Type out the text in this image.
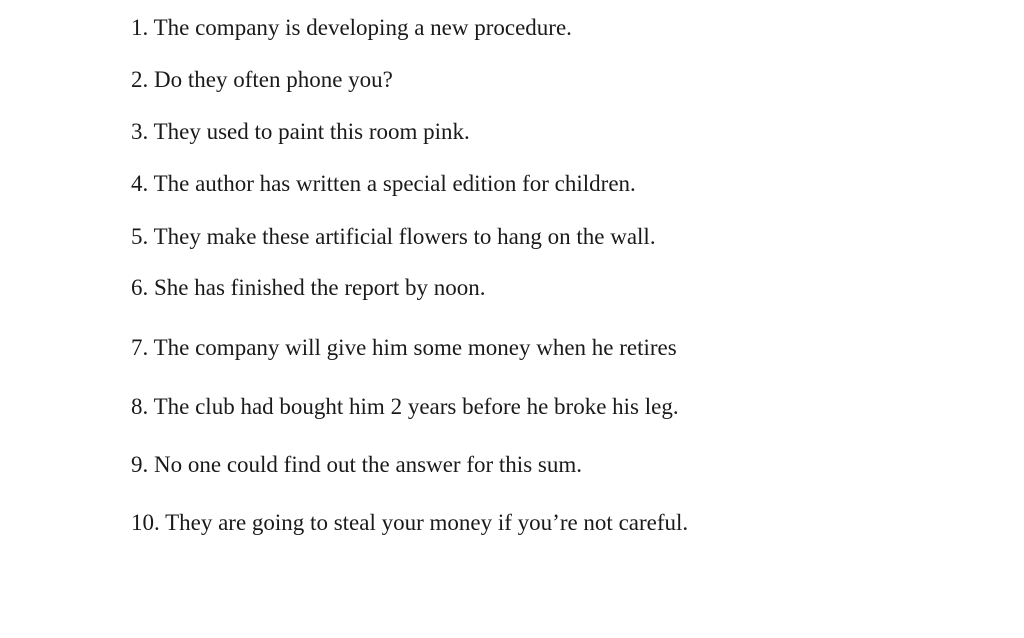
1. The company is developing a new procedure.
2. Do they often phone you?
3. They used to paint this room pink.
4. The author has written a special edition for children.
5. They make these artificial flowers to hang on the wall.
6. She has finished the report by noon.
7. The company will give him some money when he retires
8. The club had bought him 2 years before he broke his leg.
9. No one could find out the answer for this sum.
10. They are going to steal your money if you’re not careful.
